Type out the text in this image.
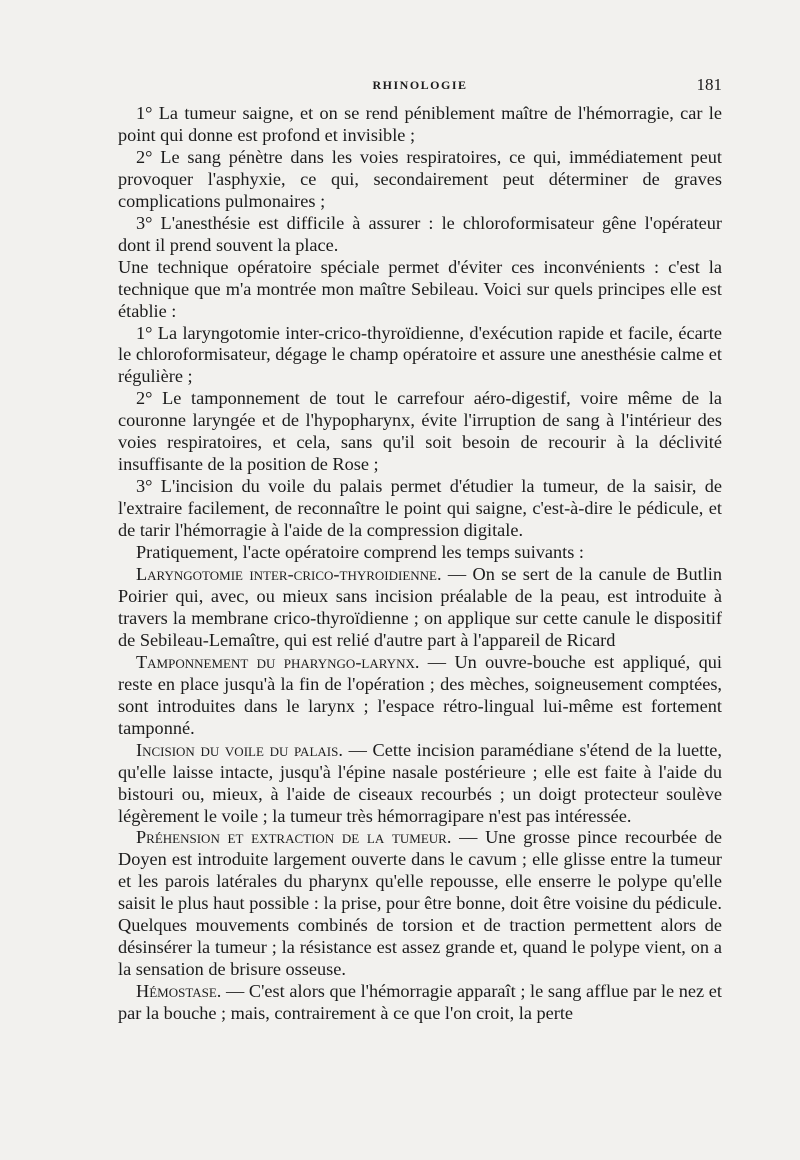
RHINOLOGIE	181

1° La tumeur saigne, et on se rend péniblement maître de l'hémorragie, car le point qui donne est profond et invisible ;

2° Le sang pénètre dans les voies respiratoires, ce qui, immédiatement peut provoquer l'asphyxie, ce qui, secondairement peut déterminer de graves complications pulmonaires ;

3° L'anesthésie est difficile à assurer : le chloroformisateur gêne l'opérateur dont il prend souvent la place.

Une technique opératoire spéciale permet d'éviter ces inconvénients : c'est la technique que m'a montrée mon maître Sebileau. Voici sur quels principes elle est établie :

1° La laryngotomie inter-crico-thyroïdienne, d'exécution rapide et facile, écarte le chloroformisateur, dégage le champ opératoire et assure une anesthésie calme et régulière ;

2° Le tamponnement de tout le carrefour aéro-digestif, voire même de la couronne laryngée et de l'hypopharynx, évite l'irruption de sang à l'intérieur des voies respiratoires, et cela, sans qu'il soit besoin de recourir à la déclivité insuffisante de la position de Rose ;

3° L'incision du voile du palais permet d'étudier la tumeur, de la saisir, de l'extraire facilement, de reconnaître le point qui saigne, c'est-à-dire le pédicule, et de tarir l'hémorragie à l'aide de la compression digitale.

Pratiquement, l'acte opératoire comprend les temps suivants :

Laryngotomie inter-crico-thyroidienne. — On se sert de la canule de Butlin Poirier qui, avec, ou mieux sans incision préalable de la peau, est introduite à travers la membrane crico-thyroïdienne ; on applique sur cette canule le dispositif de Sebileau-Lemaître, qui est relié d'autre part à l'appareil de Ricard

Tamponnement du pharyngo-larynx. — Un ouvre-bouche est appliqué, qui reste en place jusqu'à la fin de l'opération ; des mèches, soigneusement comptées, sont introduites dans le larynx ; l'espace rétro-lingual lui-même est fortement tamponné.

Incision du voile du palais. — Cette incision paramédiane s'étend de la luette, qu'elle laisse intacte, jusqu'à l'épine nasale postérieure ; elle est faite à l'aide du bistouri ou, mieux, à l'aide de ciseaux recourbés ; un doigt protecteur soulève légèrement le voile ; la tumeur très hémorragipare n'est pas intéressée.

Préhension et extraction de la tumeur. — Une grosse pince recourbée de Doyen est introduite largement ouverte dans le cavum ; elle glisse entre la tumeur et les parois latérales du pharynx qu'elle repousse, elle enserre le polype qu'elle saisit le plus haut possible : la prise, pour être bonne, doit être voisine du pédicule. Quelques mouvements combinés de torsion et de traction permettent alors de désinsérer la tumeur ; la résistance est assez grande et, quand le polype vient, on a la sensation de brisure osseuse.

Hémostase. — C'est alors que l'hémorragie apparaît ; le sang afflue par le nez et par la bouche ; mais, contrairement à ce que l'on croit, la perte
